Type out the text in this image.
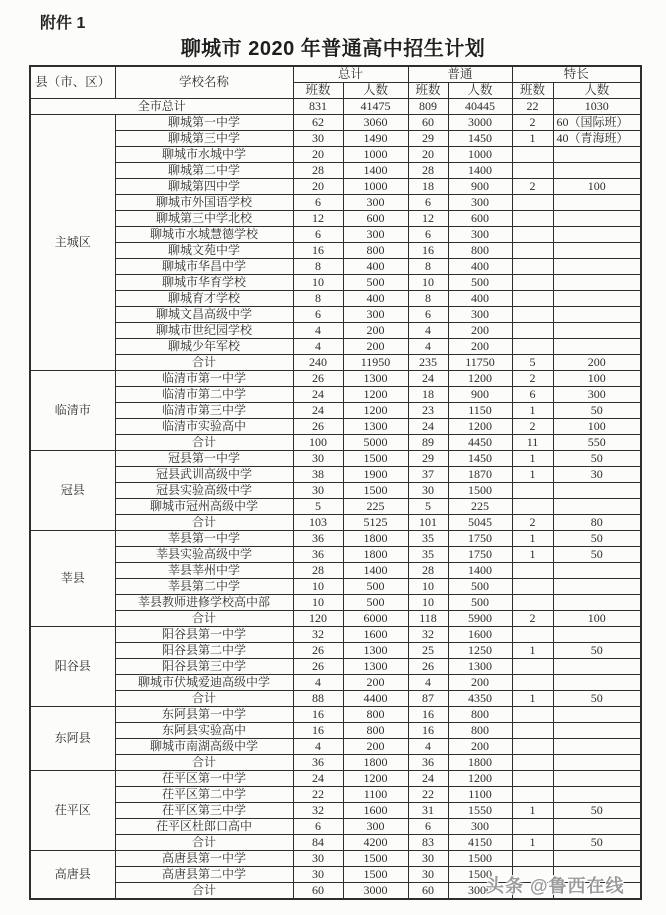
附件 1
聊城市 2020 年普通高中招生计划
县（市、区）	学校名称	总计		普通		特长	
		班数	人数	班数	人数	班数	人数
全市总计		831	41475	809	40445	22	1030
主城区	聊城第一中学	62	3060	60	3000	2	60（国际班）
	聊城第三中学	30	1490	29	1450	1	40（青海班）
	聊城市水城中学	20	1000	20	1000		
	聊城第二中学	28	1400	28	1400		
	聊城第四中学	20	1000	18	900	2	100
	聊城市外国语学校	6	300	6	300		
	聊城第三中学北校	12	600	12	600		
	聊城市水城慧德学校	6	300	6	300		
	聊城文苑中学	16	800	16	800		
	聊城市华昌中学	8	400	8	400		
	聊城市华育学校	10	500	10	500		
	聊城育才学校	8	400	8	400		
	聊城文昌高级中学	6	300	6	300		
	聊城市世纪园学校	4	200	4	200		
	聊城少年军校	4	200	4	200		
	合计	240	11950	235	11750	5	200
临清市	临清市第一中学	26	1300	24	1200	2	100
	临清市第二中学	24	1200	18	900	6	300
	临清市第三中学	24	1200	23	1150	1	50
	临清市实验高中	26	1300	24	1200	2	100
	合计	100	5000	89	4450	11	550
冠县	冠县第一中学	30	1500	29	1450	1	50
	冠县武训高级中学	38	1900	37	1870	1	30
	冠县实验高级中学	30	1500	30	1500		
	聊城市冠州高级中学	5	225	5	225		
	合计	103	5125	101	5045	2	80
莘县	莘县第一中学	36	1800	35	1750	1	50
	莘县实验高级中学	36	1800	35	1750	1	50
	莘县莘州中学	28	1400	28	1400		
	莘县第二中学	10	500	10	500		
	莘县教师进修学校高中部	10	500	10	500		
	合计	120	6000	118	5900	2	100
阳谷县	阳谷县第一中学	32	1600	32	1600		
	阳谷县第二中学	26	1300	25	1250	1	50
	阳谷县第三中学	26	1300	26	1300		
	聊城市伏城爱迪高级中学	4	200	4	200		
	合计	88	4400	87	4350	1	50
东阿县	东阿县第一中学	16	800	16	800		
	东阿县实验高中	16	800	16	800		
	聊城市南湖高级中学	4	200	4	200		
	合计	36	1800	36	1800		
茌平区	茌平区第一中学	24	1200	24	1200		
	茌平区第二中学	22	1100	22	1100		
	茌平区第三中学	32	1600	31	1550	1	50
	茌平区杜郎口高中	6	300	6	300		
	合计	84	4200	83	4150	1	50
高唐县	高唐县第一中学	30	1500	30	1500		
	高唐县第二中学	30	1500	30	1500		
	合计	60	3000	60	3000		
头条 @鲁西在线
